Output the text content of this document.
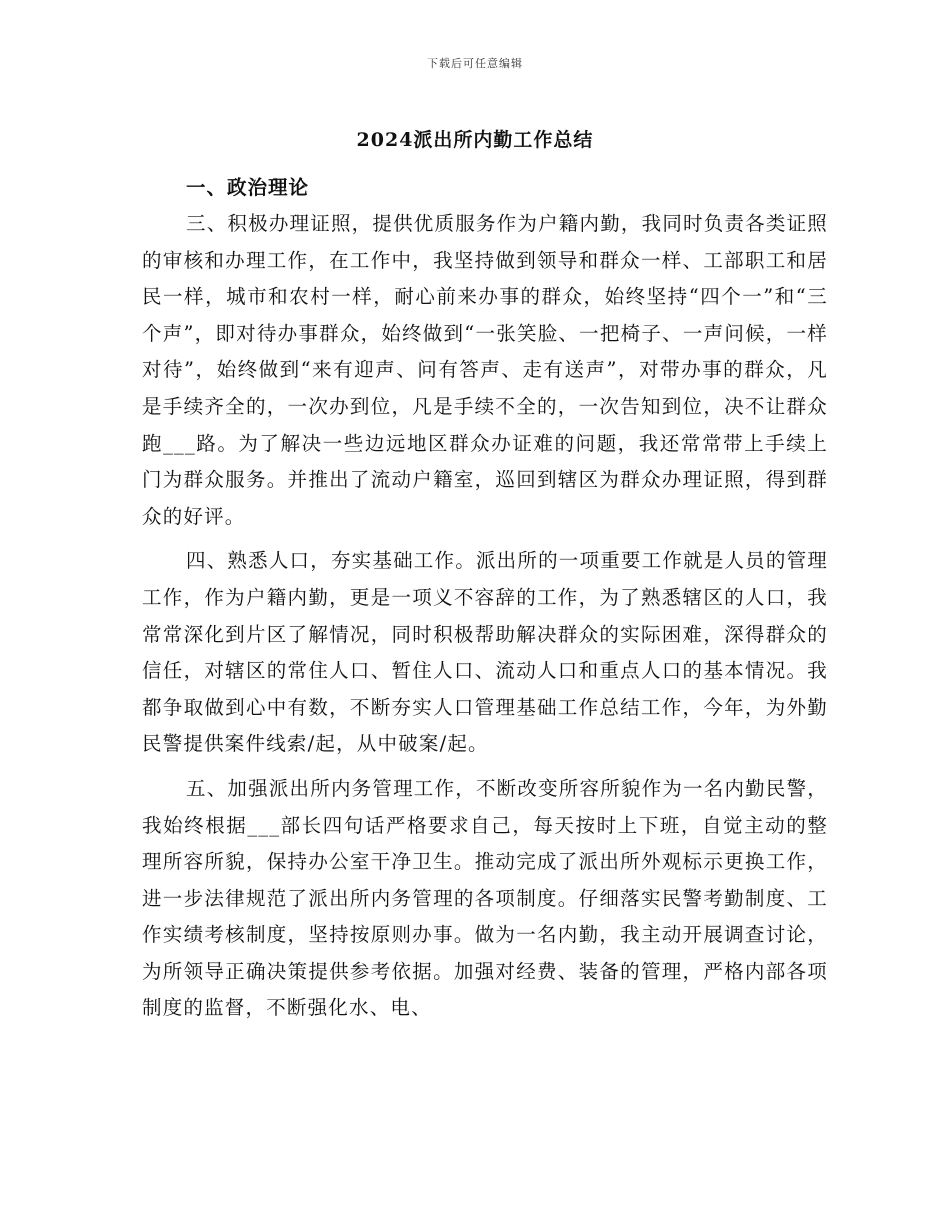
下载后可任意编辑
2024派出所内勤工作总结

一、政治理论

三、积极办理证照，提供优质服务作为户籍内勤，我同时负责各类证照的审核和办理工作，在工作中，我坚持做到领导和群众一样、工部职工和居民一样，城市和农村一样，耐心前来办事的群众，始终坚持“四个一”和“三个声”，即对待办事群众，始终做到“一张笑脸、一把椅子、一声问候，一样对待”，始终做到“来有迎声、问有答声、走有送声”，对带办事的群众，凡是手续齐全的，一次办到位，凡是手续不全的，一次告知到位，决不让群众跑___路。为了解决一些边远地区群众办证难的问题，我还常常带上手续上门为群众服务。并推出了流动户籍室，巡回到辖区为群众办理证照，得到群众的好评。

四、熟悉人口，夯实基础工作。派出所的一项重要工作就是人员的管理工作，作为户籍内勤，更是一项义不容辞的工作，为了熟悉辖区的人口，我常常深化到片区了解情况，同时积极帮助解决群众的实际困难，深得群众的信任，对辖区的常住人口、暂住人口、流动人口和重点人口的基本情况。我都争取做到心中有数，不断夯实人口管理基础工作总结工作，今年，为外勤民警提供案件线索/起，从中破案/起。

五、加强派出所内务管理工作，不断改变所容所貌作为一名内勤民警，我始终根据___部长四句话严格要求自己，每天按时上下班，自觉主动的整理所容所貌，保持办公室干净卫生。推动完成了派出所外观标示更换工作，进一步法律规范了派出所内务管理的各项制度。仔细落实民警考勤制度、工作实绩考核制度，坚持按原则办事。做为一名内勤，我主动开展调查讨论，为所领导正确决策提供参考依据。加强对经费、装备的管理，严格内部各项制度的监督，不断强化水、电、
